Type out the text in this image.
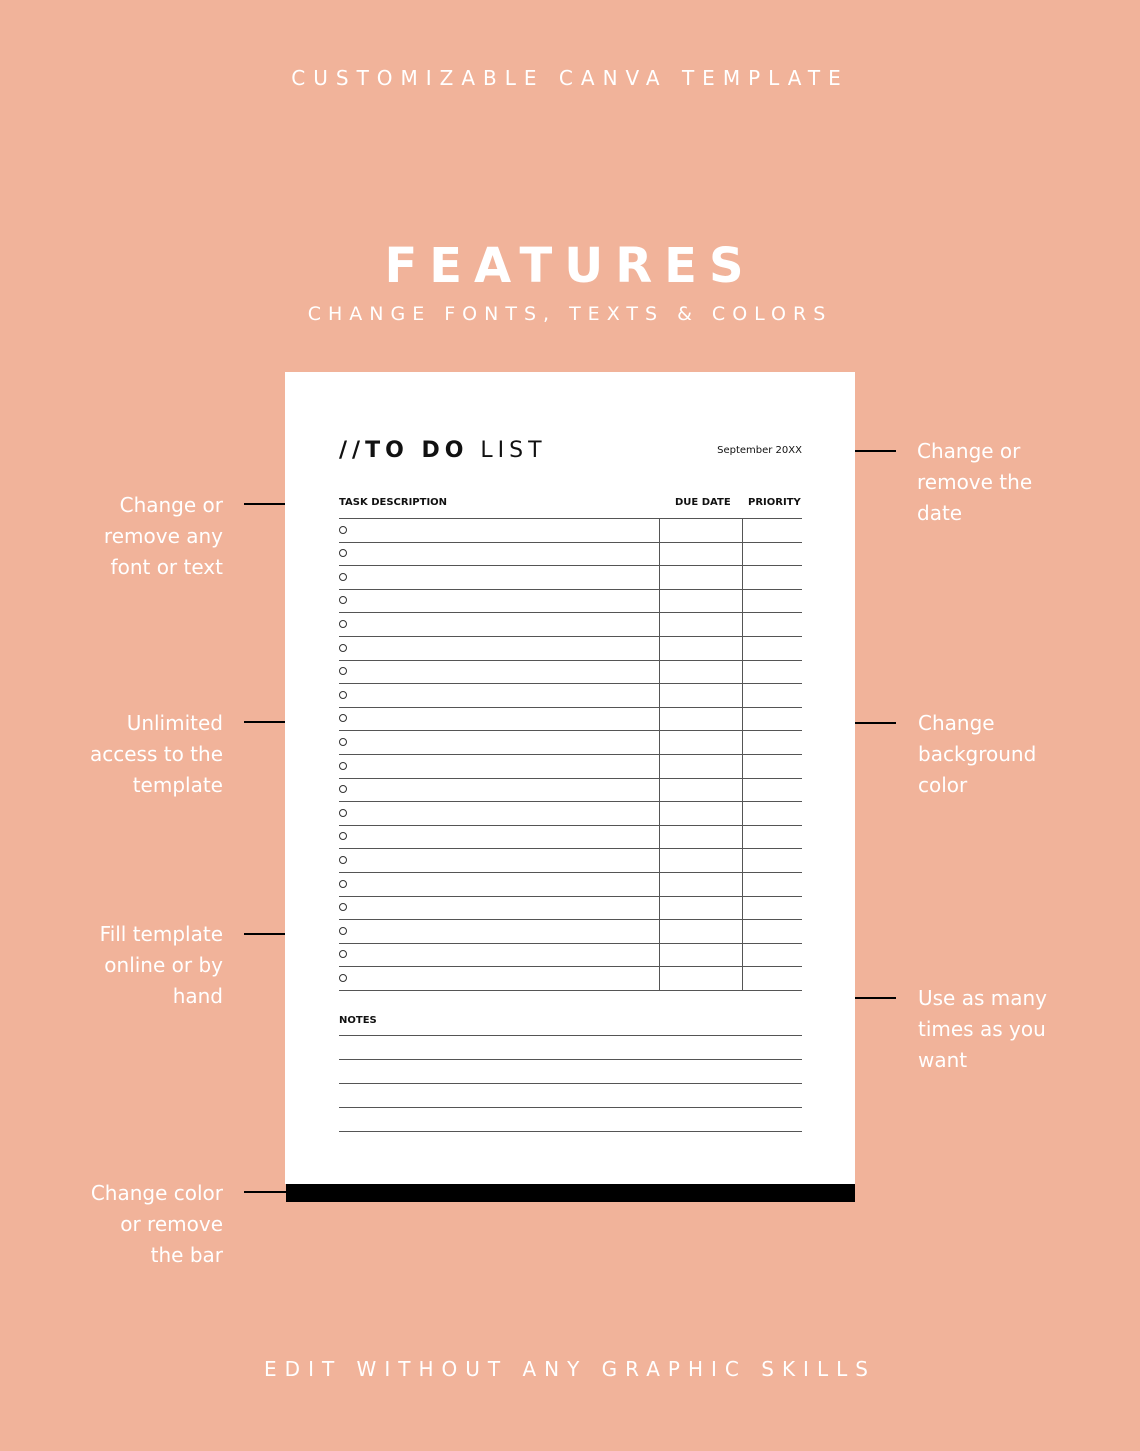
CUSTOMIZABLE CANVA TEMPLATE
FEATURES
CHANGE FONTS, TEXTS & COLORS
Change or
remove any
font or text
Unlimited
access to the
template
Fill template
online or by
hand
Change color
or remove
the bar
Change or
remove the
date
Change
background
color
Use as many
times as you
want
//TO DO LIST	September 20XX
TASK DESCRIPTION	DUE DATE PRIORITY
NOTES
EDIT WITHOUT ANY GRAPHIC SKILLS
